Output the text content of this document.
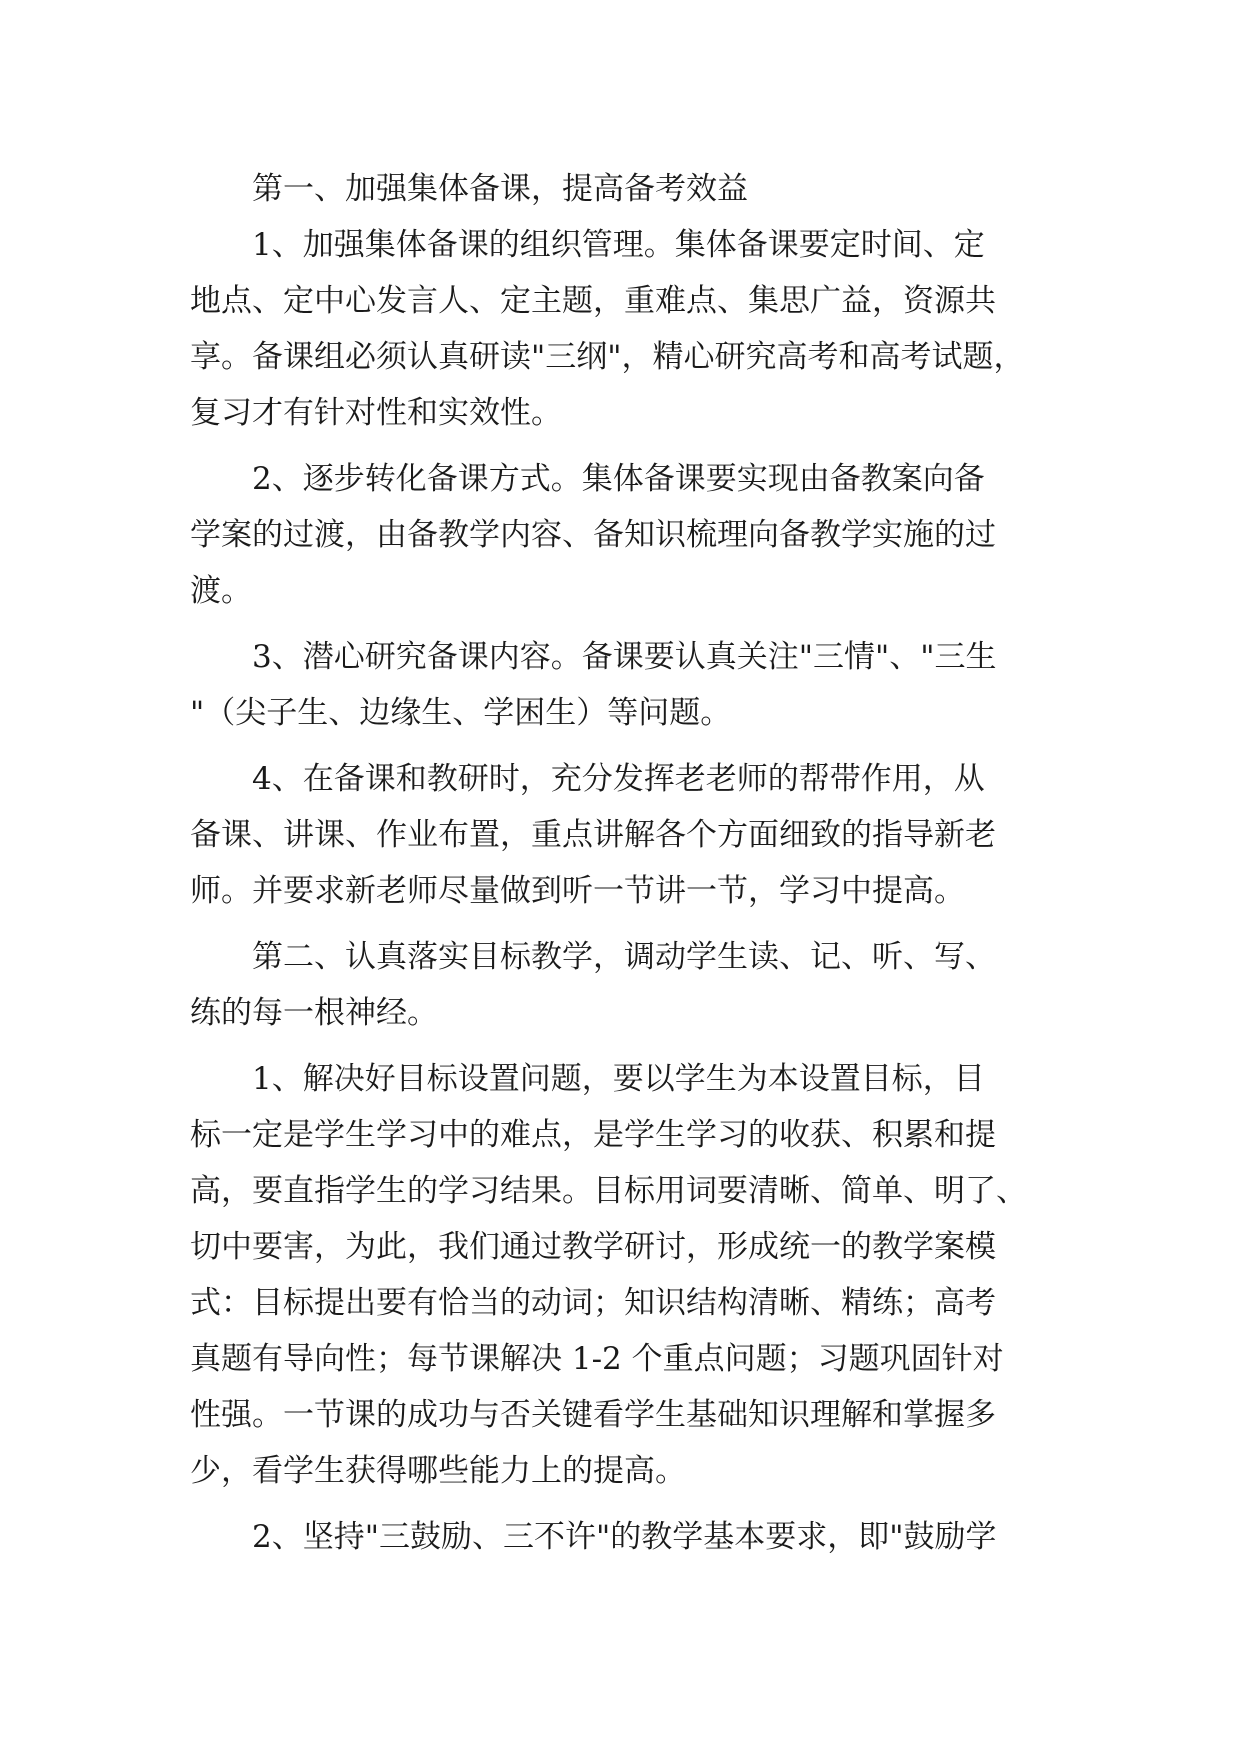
第一、加强集体备课，提高备考效益
1、加强集体备课的组织管理。集体备课要定时间、定
地点、定中心发言人、定主题，重难点、集思广益，资源共
享。备课组必须认真研读"三纲"，精心研究高考和高考试题，
复习才有针对性和实效性。
2、逐步转化备课方式。集体备课要实现由备教案向备
学案的过渡，由备教学内容、备知识梳理向备教学实施的过
渡。
3、潜心研究备课内容。备课要认真关注"三情"、"三生
"（尖子生、边缘生、学困生）等问题。
4、在备课和教研时，充分发挥老老师的帮带作用，从
备课、讲课、作业布置，重点讲解各个方面细致的指导新老
师。并要求新老师尽量做到听一节讲一节，学习中提高。
第二、认真落实目标教学，调动学生读、记、听、写、
练的每一根神经。
1、解决好目标设置问题，要以学生为本设置目标，目
标一定是学生学习中的难点，是学生学习的收获、积累和提
高，要直指学生的学习结果。目标用词要清晰、简单、明了、
切中要害，为此，我们通过教学研讨，形成统一的教学案模
式：目标提出要有恰当的动词；知识结构清晰、精练；高考
真题有导向性；每节课解决 1-2 个重点问题；习题巩固针对
性强。一节课的成功与否关键看学生基础知识理解和掌握多
少，看学生获得哪些能力上的提高。
2、坚持"三鼓励、三不许"的教学基本要求，即"鼓励学
